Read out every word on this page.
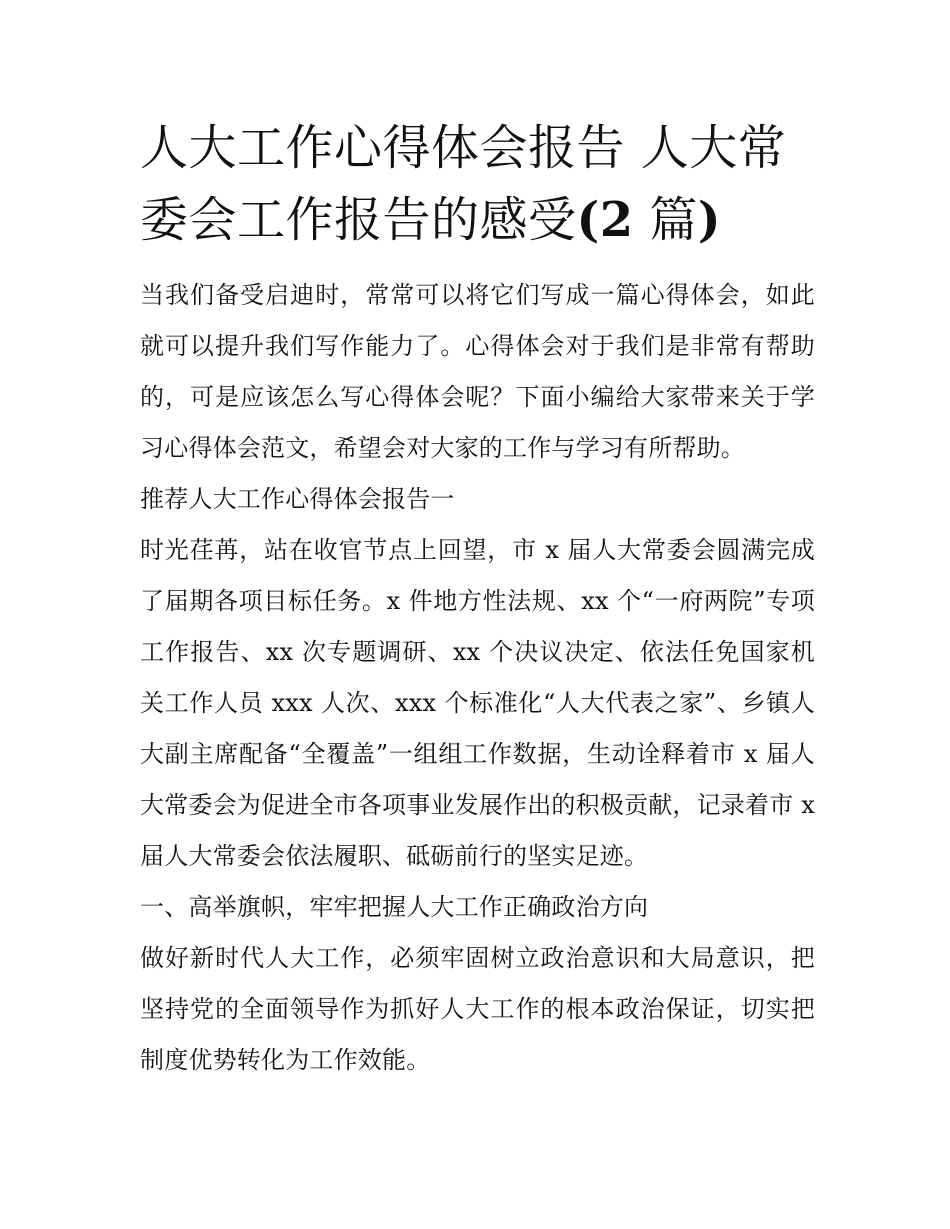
人大工作心得体会报告 人大常委会工作报告的感受(2 篇)

当我们备受启迪时，常常可以将它们写成一篇心得体会，如此就可以提升我们写作能力了。心得体会对于我们是非常有帮助的，可是应该怎么写心得体会呢？下面小编给大家带来关于学习心得体会范文，希望会对大家的工作与学习有所帮助。

推荐人大工作心得体会报告一

时光荏苒，站在收官节点上回望，市 x 届人大常委会圆满完成了届期各项目标任务。x 件地方性法规、xx 个“一府两院”专项工作报告、xx 次专题调研、xx 个决议决定、依法任免国家机关工作人员 xxx 人次、xxx 个标准化“人大代表之家”、乡镇人大副主席配备“全覆盖”一组组工作数据，生动诠释着市 x 届人大常委会为促进全市各项事业发展作出的积极贡献，记录着市 x 届人大常委会依法履职、砥砺前行的坚实足迹。

一、高举旗帜，牢牢把握人大工作正确政治方向

做好新时代人大工作，必须牢固树立政治意识和大局意识，把坚持党的全面领导作为抓好人大工作的根本政治保证，切实把制度优势转化为工作效能。
